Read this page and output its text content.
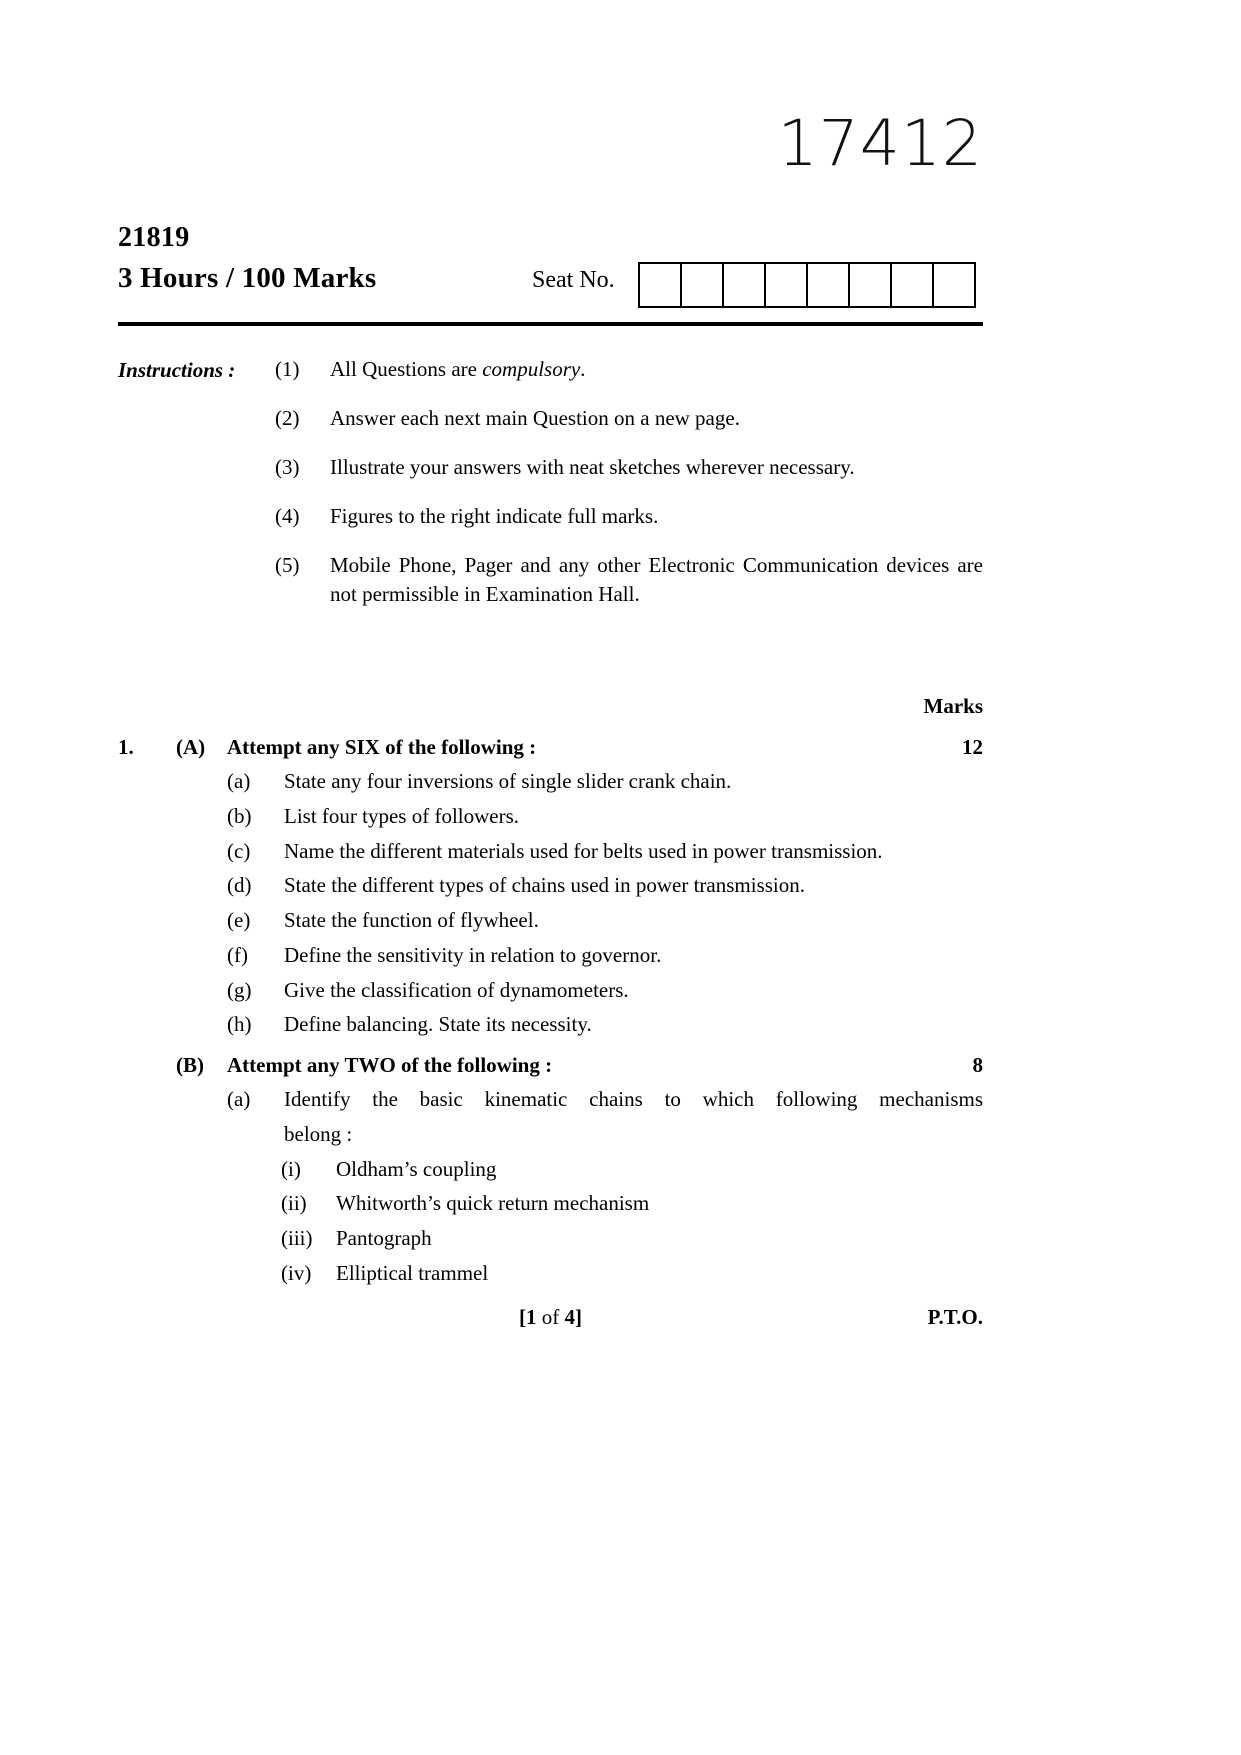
17412
21819
3 Hours / 100 Marks	Seat No.
Instructions : (1)	All Questions are compulsory.
(2)	Answer each next main Question on a new page.
(3)	Illustrate your answers with neat sketches wherever necessary.
(4)	Figures to the right indicate full marks.
(5)	Mobile Phone, Pager and any other Electronic Communication devices are not permissible in Examination Hall.
Marks
1.	(A)	Attempt any SIX of the following :	12
(a)	State any four inversions of single slider crank chain.
(b)	List four types of followers.
(c)	Name the different materials used for belts used in power transmission.
(d)	State the different types of chains used in power transmission.
(e)	State the function of flywheel.
(f)	Define the sensitivity in relation to governor.
(g)	Give the classification of dynamometers.
(h)	Define balancing. State its necessity.
(B)	Attempt any TWO of the following :	8
(a)	Identify the basic kinematic chains to which following mechanisms
belong :
(i)	Oldham’s coupling
(ii)	Whitworth’s quick return mechanism
(iii)	Pantograph
(iv)	Elliptical trammel
[1 of 4]	P.T.O.
